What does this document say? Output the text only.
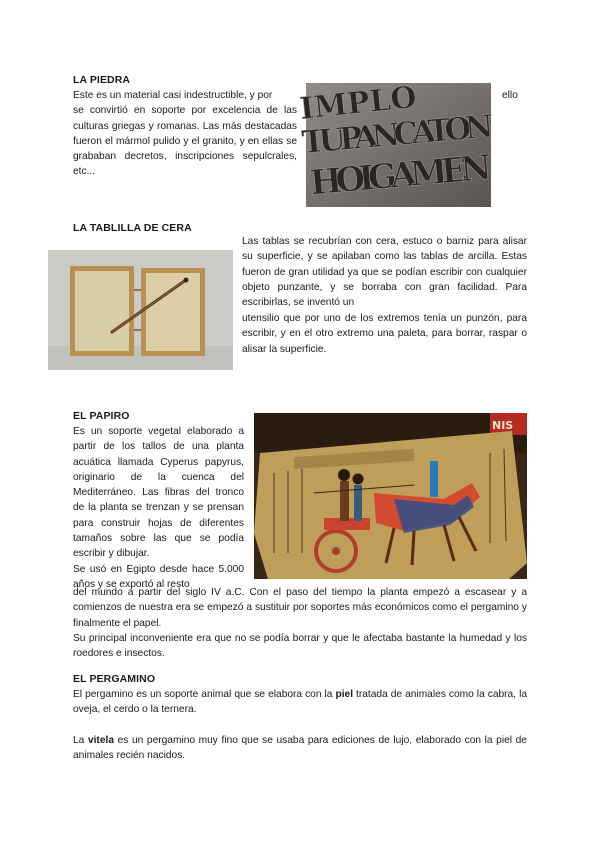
LA PIEDRA

Este es un material casi indestructible, y por

se convirtió en soporte por excelencia de las culturas griegas y romanas. Las más destacadas fueron el mármol pulido y el granito, y en ellas se grababan decretos, inscripciones sepulcrales, etc...

ello
IMPLO
TUPANCATON
HOIGAMEN
LA TABLILLA DE CERA
Las tablas se recubrían con cera, estuco o barniz para alisar su superficie, y se apilaban como las tablas de arcilla. Estas fueron de gran utilidad ya que se podían escribir con cualquier objeto punzante, y se borraba con gran facilidad. Para escribirlas, se inventó un
utensilio que por uno de los extremos tenía un punzón, para escribir, y en el otro extremo una paleta, para borrar, raspar o alisar la superficie.
EL PAPIRO

Es un soporte vegetal elaborado a partir de los tallos de una planta acuática llamada Cyperus papyrus, originario de la cuenca del Mediterráneo. Las fibras del tronco de la planta se trenzan y se prensan para construir hojas de diferentes tamaños sobre las que se podía escribir y dibujar.

Se usó en Egipto desde hace 5.000 años y se exportó al resto

NIS

del mundo a partir del siglo IV a.C. Con el paso del tiempo la planta empezó a escasear y a comienzos de nuestra era se empezó a sustituir por soportes más económicos como el pergamino y finalmente el papel.

Su principal inconveniente era que no se podía borrar y que le afectaba bastante la humedad y los roedores e insectos.

EL PERGAMINO

El pergamino es un soporte animal que se elabora con la piel tratada de animales como la cabra, la oveja, el cerdo o la ternera.

La vitela es un pergamino muy fino que se usaba para ediciones de lujo, elaborado con la piel de animales recién nacidos.
